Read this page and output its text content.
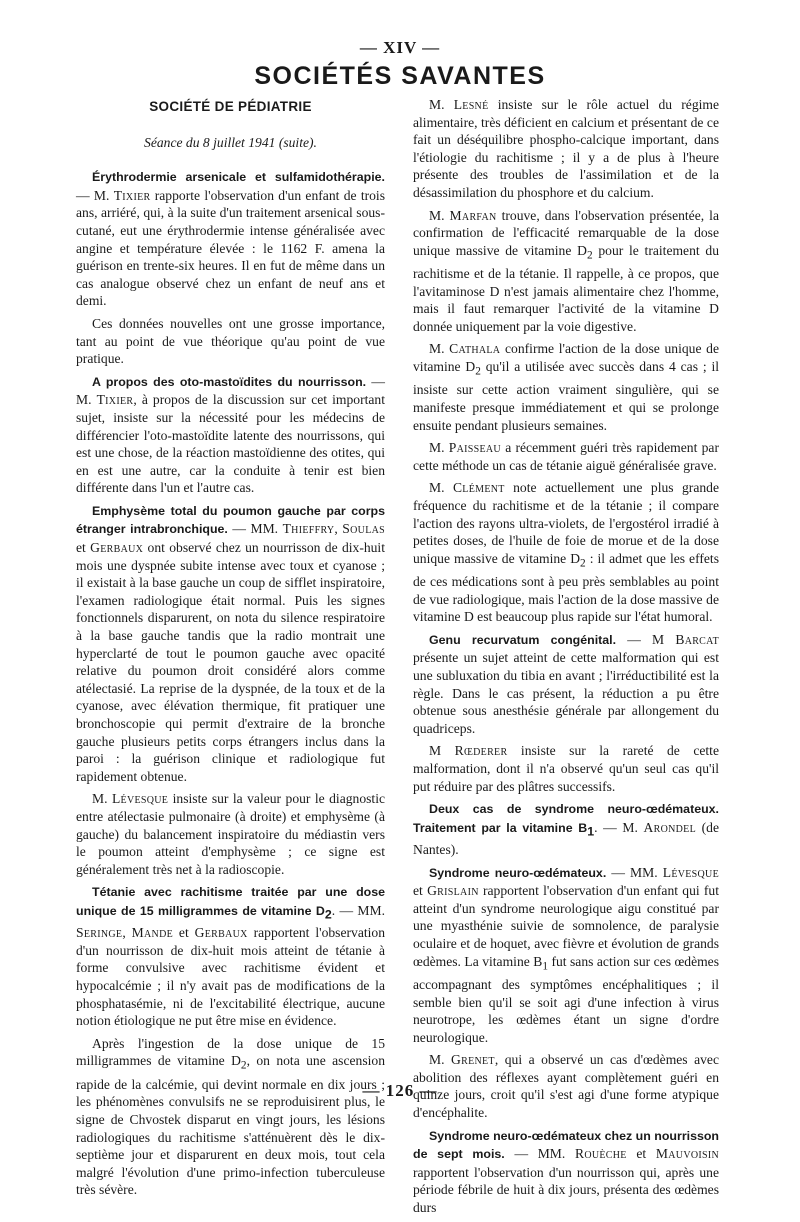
— XIV —
SOCIÉTÉS SAVANTES
SOCIÉTÉ DE PÉDIATRIE
Séance du 8 juillet 1941 (suite).

Érythrodermie arsenicale et sulfamidothérapie. — M. Tixier rapporte l'observation d'un enfant de trois ans, arriéré, qui, à la suite d'un traitement arsenical sous-cutané, eut une érythrodermie intense généralisée avec angine et température élevée : le 1162 F. amena la guérison en trente-six heures. Il en fut de même dans un cas analogue observé chez un enfant de neuf ans et demi.

Ces données nouvelles ont une grosse importance, tant au point de vue théorique qu'au point de vue pratique.

A propos des oto-mastoïdites du nourrisson. — M. Tixier, à propos de la discussion sur cet important sujet, insiste sur la nécessité pour les médecins de différencier l'oto-mastoïdite latente des nourrissons, qui est une chose, de la réaction mastoïdienne des otites, qui en est une autre, car la conduite à tenir est bien différente dans l'un et l'autre cas.

Emphysème total du poumon gauche par corps étranger intrabronchique. — MM. Thieffry, Soulas et Gerbaux ont observé chez un nourrisson de dix-huit mois une dyspnée subite intense avec toux et cyanose ; il existait à la base gauche un coup de sifflet inspiratoire, l'examen radiologique était normal. Puis les signes fonctionnels disparurent, on nota du silence respiratoire à la base gauche tandis que la radio montrait une hyperclarté de tout le poumon gauche avec opacité relative du poumon droit considéré alors comme atélectasié. La reprise de la dyspnée, de la toux et de la cyanose, avec élévation thermique, fit pratiquer une bronchoscopie qui permit d'extraire de la bronche gauche plusieurs petits corps étrangers inclus dans la paroi : la guérison clinique et radiologique fut rapidement obtenue.

M. Lévesque insiste sur la valeur pour le diagnostic entre atélectasie pulmonaire (à droite) et emphysème (à gauche) du balancement inspiratoire du médiastin vers le poumon atteint d'emphysème ; ce signe est généralement très net à la radioscopie.

Tétanie avec rachitisme traitée par une dose unique de 15 milligrammes de vitamine $D_2$. — MM. Seringe, Mande et Gerbaux rapportent l'observation d'un nourrisson de dix-huit mois atteint de tétanie à forme convulsive avec rachitisme évident et hypocalcémie ; il n'y avait pas de modifications de la phosphatasémie, ni de l'excitabilité électrique, aucune notion étiologique ne put être mise en évidence.

Après l'ingestion de la dose unique de 15 milligrammes de vitamine $D_2$, on nota une ascension rapide de la calcémie, qui devint normale en dix jours ; les phénomènes convulsifs ne se reproduisirent plus, le signe de Chvostek disparut en vingt jours, les lésions radiologiques du rachitisme s'atténuèrent dès le dix-septième jour et disparurent en deux mois, tout cela malgré l'évolution d'une primo-infection tuberculeuse très sévère.

M. Lesné insiste sur le rôle actuel du régime alimentaire, très déficient en calcium et présentant de ce fait un déséquilibre phospho-calcique important, dans l'étiologie du rachitisme ; il y a de plus à l'heure présente des troubles de l'assimilation et de la désassimilation du phosphore et du calcium.

M. Marfan trouve, dans l'observation présentée, la confirmation de l'efficacité remarquable de la dose unique massive de vitamine $D_2$ pour le traitement du rachitisme et de la tétanie. Il rappelle, à ce propos, que l'avitaminose D n'est jamais alimentaire chez l'homme, mais il faut remarquer l'activité de la vitamine D donnée uniquement par la voie digestive.

M. Cathala confirme l'action de la dose unique de vitamine $D_2$ qu'il a utilisée avec succès dans 4 cas ; il insiste sur cette action vraiment singulière, qui se manifeste presque immédiatement et qui se prolonge ensuite pendant plusieurs semaines.

M. Paisseau a récemment guéri très rapidement par cette méthode un cas de tétanie aiguë généralisée grave.

M. Clément note actuellement une plus grande fréquence du rachitisme et de la tétanie ; il compare l'action des rayons ultra-violets, de l'ergostérol irradié à petites doses, de l'huile de foie de morue et de la dose unique massive de vitamine $D_2$ : il admet que les effets de ces médications sont à peu près semblables au point de vue radiologique, mais l'action de la dose massive de vitamine D est beaucoup plus rapide sur l'état humoral.

Genu recurvatum congénital. — M Barcat présente un sujet atteint de cette malformation qui est une subluxation du tibia en avant ; l'irréductibilité est la règle. Dans le cas présent, la réduction a pu être obtenue sous anesthésie générale par allongement du quadriceps.

M Rœderer insiste sur la rareté de cette malformation, dont il n'a observé qu'un seul cas qu'il put réduire par des plâtres successifs.

Deux cas de syndrome neuro-œdémateux. Traitement par la vitamine $B_1$. — M. Arondel (de Nantes).

Syndrome neuro-œdémateux. — MM. Lévesque et Grislain rapportent l'observation d'un enfant qui fut atteint d'un syndrome neurologique aigu constitué par une myasthénie suivie de somnolence, de paralysie oculaire et de hoquet, avec fièvre et évolution de grands œdèmes. La vitamine $B_1$ fut sans action sur ces œdèmes accompagnant des symptômes encéphalitiques ; il semble bien qu'il se soit agi d'une infection à virus neurotrope, les œdèmes étant un signe d'ordre neurologique.

M. Grenet, qui a observé un cas d'œdèmes avec abolition des réflexes ayant complètement guéri en quinze jours, croit qu'il s'est agi d'une forme atypique d'encéphalite.

Syndrome neuro-œdémateux chez un nourrisson de sept mois. — MM. Rouèche et Mauvoisin rapportent l'observation d'un nourrisson qui, après une période fébrile de huit à dix jours, présenta des œdèmes durs

— 126 —
